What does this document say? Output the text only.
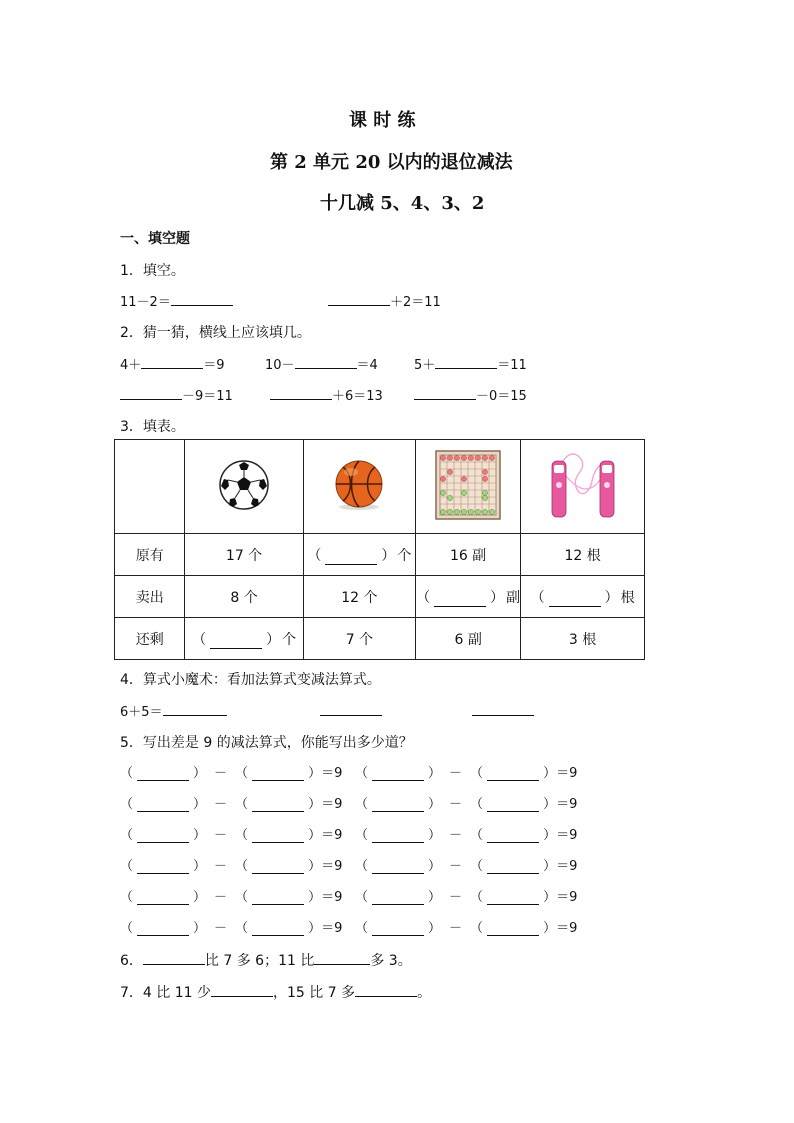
课 时 练
第 2 单元 20 以内的退位减法
十几减 5、4、3、2
一、填空题
1．填空。
11－2＝	＋2＝11
2．猜一猜，横线上应该填几。
4＋	＝9	10－	＝4	5＋	＝11
－9＝11	＋6＝13	－0＝15
3．填表。

原有	17 个	（ ） 个	16 副	12 根
卖出	8 个	12 个	（ ） 副	（ ） 根

还剩	（ ） 个	7 个	6 副	3 根
4．算式小魔术：看加法算式变减法算式。
6＋5＝
5．写出差是 9 的减法算式，你能写出多少道？
（	） － （	）＝9 （	） － （	）＝9
（	） － （	）＝9 （	） － （	）＝9
（	） － （	）＝9 （	） － （	）＝9
（	） － （	）＝9 （	） － （	）＝9
（	） － （	）＝9 （	） － （	）＝9
（	） － （	）＝9 （	） － （	）＝9
6．	比 7 多 6；11 比	多 3。
7．4 比 11 少	，15 比 7 多	。
